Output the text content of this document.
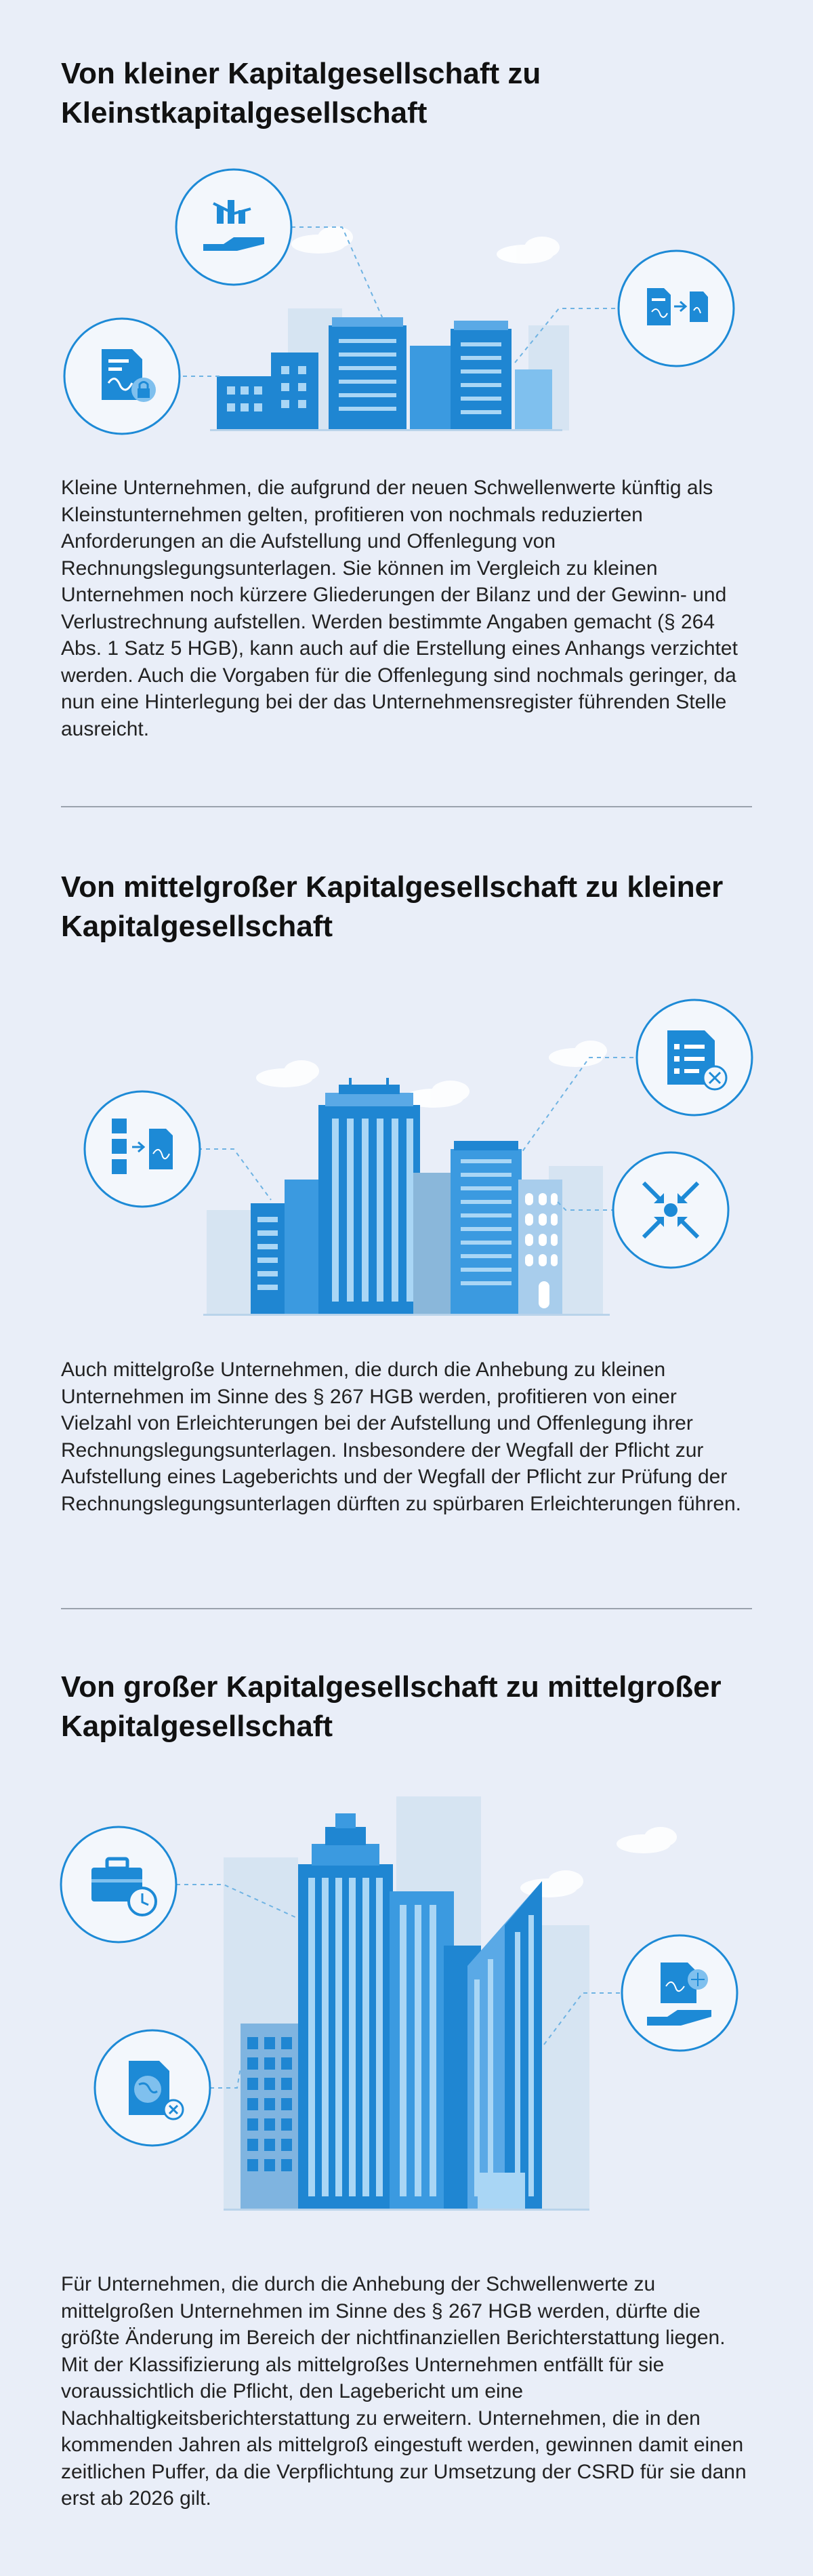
Von kleiner Kapitalgesellschaft zu Kleinstkapitalgesellschaft

Kleine Unternehmen, die aufgrund der neuen Schwellenwerte künftig als Kleinstunternehmen gelten, profitieren von nochmals reduzierten Anforderungen an die Aufstellung und Offenlegung von Rechnungslegungsunterlagen. Sie können im Vergleich zu kleinen Unternehmen noch kürzere Gliederungen der Bilanz und der Gewinn- und Verlustrechnung aufstellen. Werden bestimmte Angaben gemacht (§ 264 Abs. 1 Satz 5 HGB), kann auch auf die Erstellung eines Anhangs verzichtet werden. Auch die Vorgaben für die Offenlegung sind nochmals geringer, da nun eine Hinterlegung bei der das Unternehmensregister führenden Stelle ausreicht.

Von mittelgroßer Kapitalgesellschaft zu kleiner Kapitalgesellschaft

Auch mittelgroße Unternehmen, die durch die Anhebung zu kleinen Unternehmen im Sinne des § 267 HGB werden, profitieren von einer Vielzahl von Erleichterungen bei der Aufstellung und Offenlegung ihrer Rechnungslegungsunterlagen. Insbesondere der Wegfall der Pflicht zur Aufstellung eines Lageberichts und der Wegfall der Pflicht zur Prüfung der Rechnungslegungsunterlagen dürften zu spürbaren Erleichterungen führen.

Von großer Kapitalgesellschaft zu mittelgroßer Kapitalgesellschaft

Für Unternehmen, die durch die Anhebung der Schwellenwerte zu mittelgroßen Unternehmen im Sinne des § 267 HGB werden, dürfte die größte Änderung im Bereich der nichtfinanziellen Berichterstattung liegen. Mit der Klassifizierung als mittelgroßes Unternehmen entfällt für sie voraussichtlich die Pflicht, den Lagebericht um eine Nachhaltigkeitsberichterstattung zu erweitern. Unternehmen, die in den kommenden Jahren als mittelgroß eingestuft werden, gewinnen damit einen zeitlichen Puffer, da die Verpflichtung zur Umsetzung der CSRD für sie dann erst ab 2026 gilt.
